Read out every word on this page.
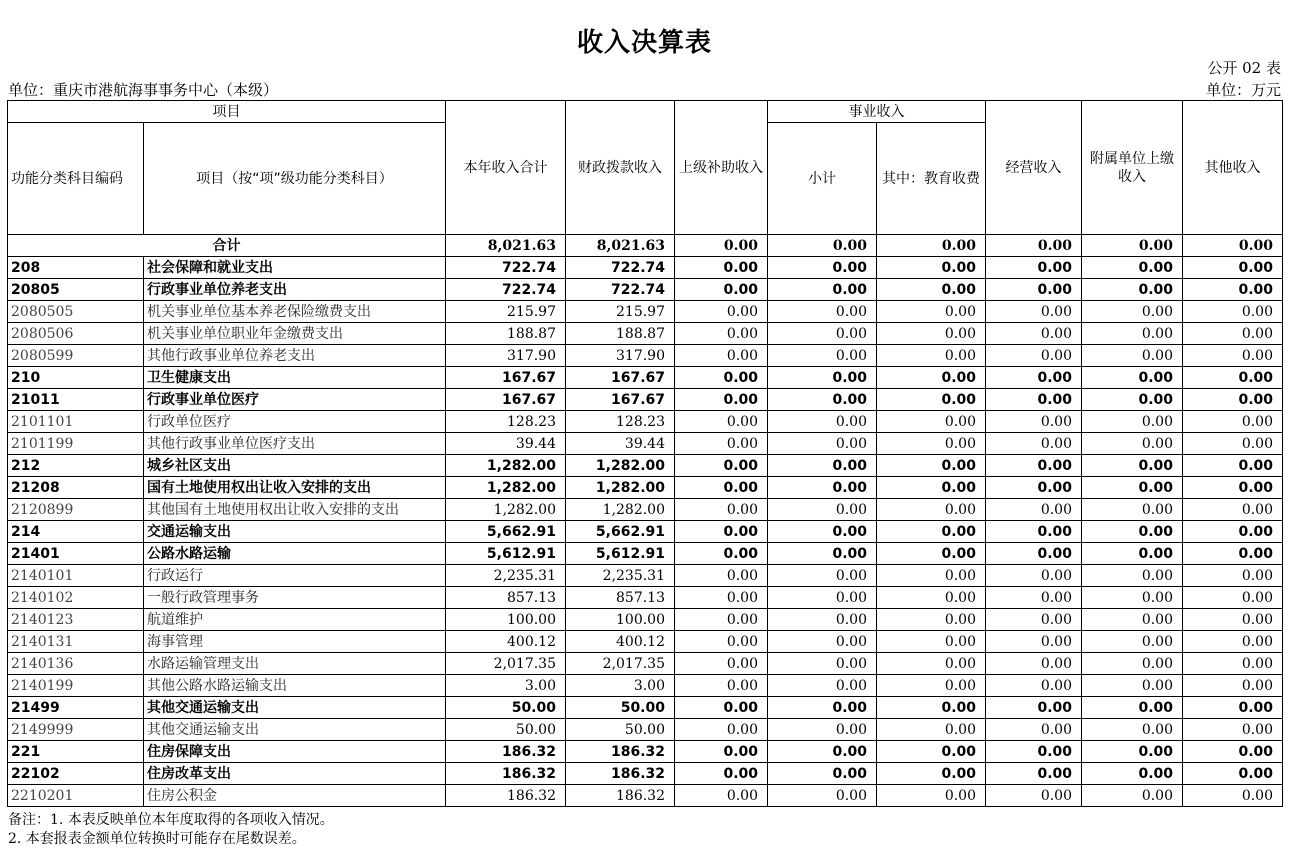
收入决算表
公开 02 表
单位：重庆市港航海事事务中心（本级）	单位：万元
项目		本年收入合计	财政拨款收入	上级补助收入	事业收入		经营收入	附属单位上缴收入	其他收入
功能分类科目编码	项目（按“项”级功能分类科目）				小计	其中：教育收费			
合计		8,021.63	8,021.63	0.00	0.00	0.00	0.00	0.00	0.00
208	社会保障和就业支出	722.74	722.74	0.00	0.00	0.00	0.00	0.00	0.00
20805	行政事业单位养老支出	722.74	722.74	0.00	0.00	0.00	0.00	0.00	0.00
2080505	机关事业单位基本养老保险缴费支出	215.97	215.97	0.00	0.00	0.00	0.00	0.00	0.00
2080506	机关事业单位职业年金缴费支出	188.87	188.87	0.00	0.00	0.00	0.00	0.00	0.00
2080599	其他行政事业单位养老支出	317.90	317.90	0.00	0.00	0.00	0.00	0.00	0.00
210	卫生健康支出	167.67	167.67	0.00	0.00	0.00	0.00	0.00	0.00
21011	行政事业单位医疗	167.67	167.67	0.00	0.00	0.00	0.00	0.00	0.00
2101101	行政单位医疗	128.23	128.23	0.00	0.00	0.00	0.00	0.00	0.00
2101199	其他行政事业单位医疗支出	39.44	39.44	0.00	0.00	0.00	0.00	0.00	0.00
212	城乡社区支出	1,282.00	1,282.00	0.00	0.00	0.00	0.00	0.00	0.00
21208	国有土地使用权出让收入安排的支出	1,282.00	1,282.00	0.00	0.00	0.00	0.00	0.00	0.00
2120899	其他国有土地使用权出让收入安排的支出	1,282.00	1,282.00	0.00	0.00	0.00	0.00	0.00	0.00
214	交通运输支出	5,662.91	5,662.91	0.00	0.00	0.00	0.00	0.00	0.00
21401	公路水路运输	5,612.91	5,612.91	0.00	0.00	0.00	0.00	0.00	0.00
2140101	行政运行	2,235.31	2,235.31	0.00	0.00	0.00	0.00	0.00	0.00
2140102	一般行政管理事务	857.13	857.13	0.00	0.00	0.00	0.00	0.00	0.00
2140123	航道维护	100.00	100.00	0.00	0.00	0.00	0.00	0.00	0.00
2140131	海事管理	400.12	400.12	0.00	0.00	0.00	0.00	0.00	0.00
2140136	水路运输管理支出	2,017.35	2,017.35	0.00	0.00	0.00	0.00	0.00	0.00
2140199	其他公路水路运输支出	3.00	3.00	0.00	0.00	0.00	0.00	0.00	0.00
21499	其他交通运输支出	50.00	50.00	0.00	0.00	0.00	0.00	0.00	0.00
2149999	其他交通运输支出	50.00	50.00	0.00	0.00	0.00	0.00	0.00	0.00
221	住房保障支出	186.32	186.32	0.00	0.00	0.00	0.00	0.00	0.00
22102	住房改革支出	186.32	186.32	0.00	0.00	0.00	0.00	0.00	0.00
2210201	住房公积金	186.32	186.32	0.00	0.00	0.00	0.00	0.00	0.00
备注：1. 本表反映单位本年度取得的各项收入情况。
2. 本套报表金额单位转换时可能存在尾数误差。
